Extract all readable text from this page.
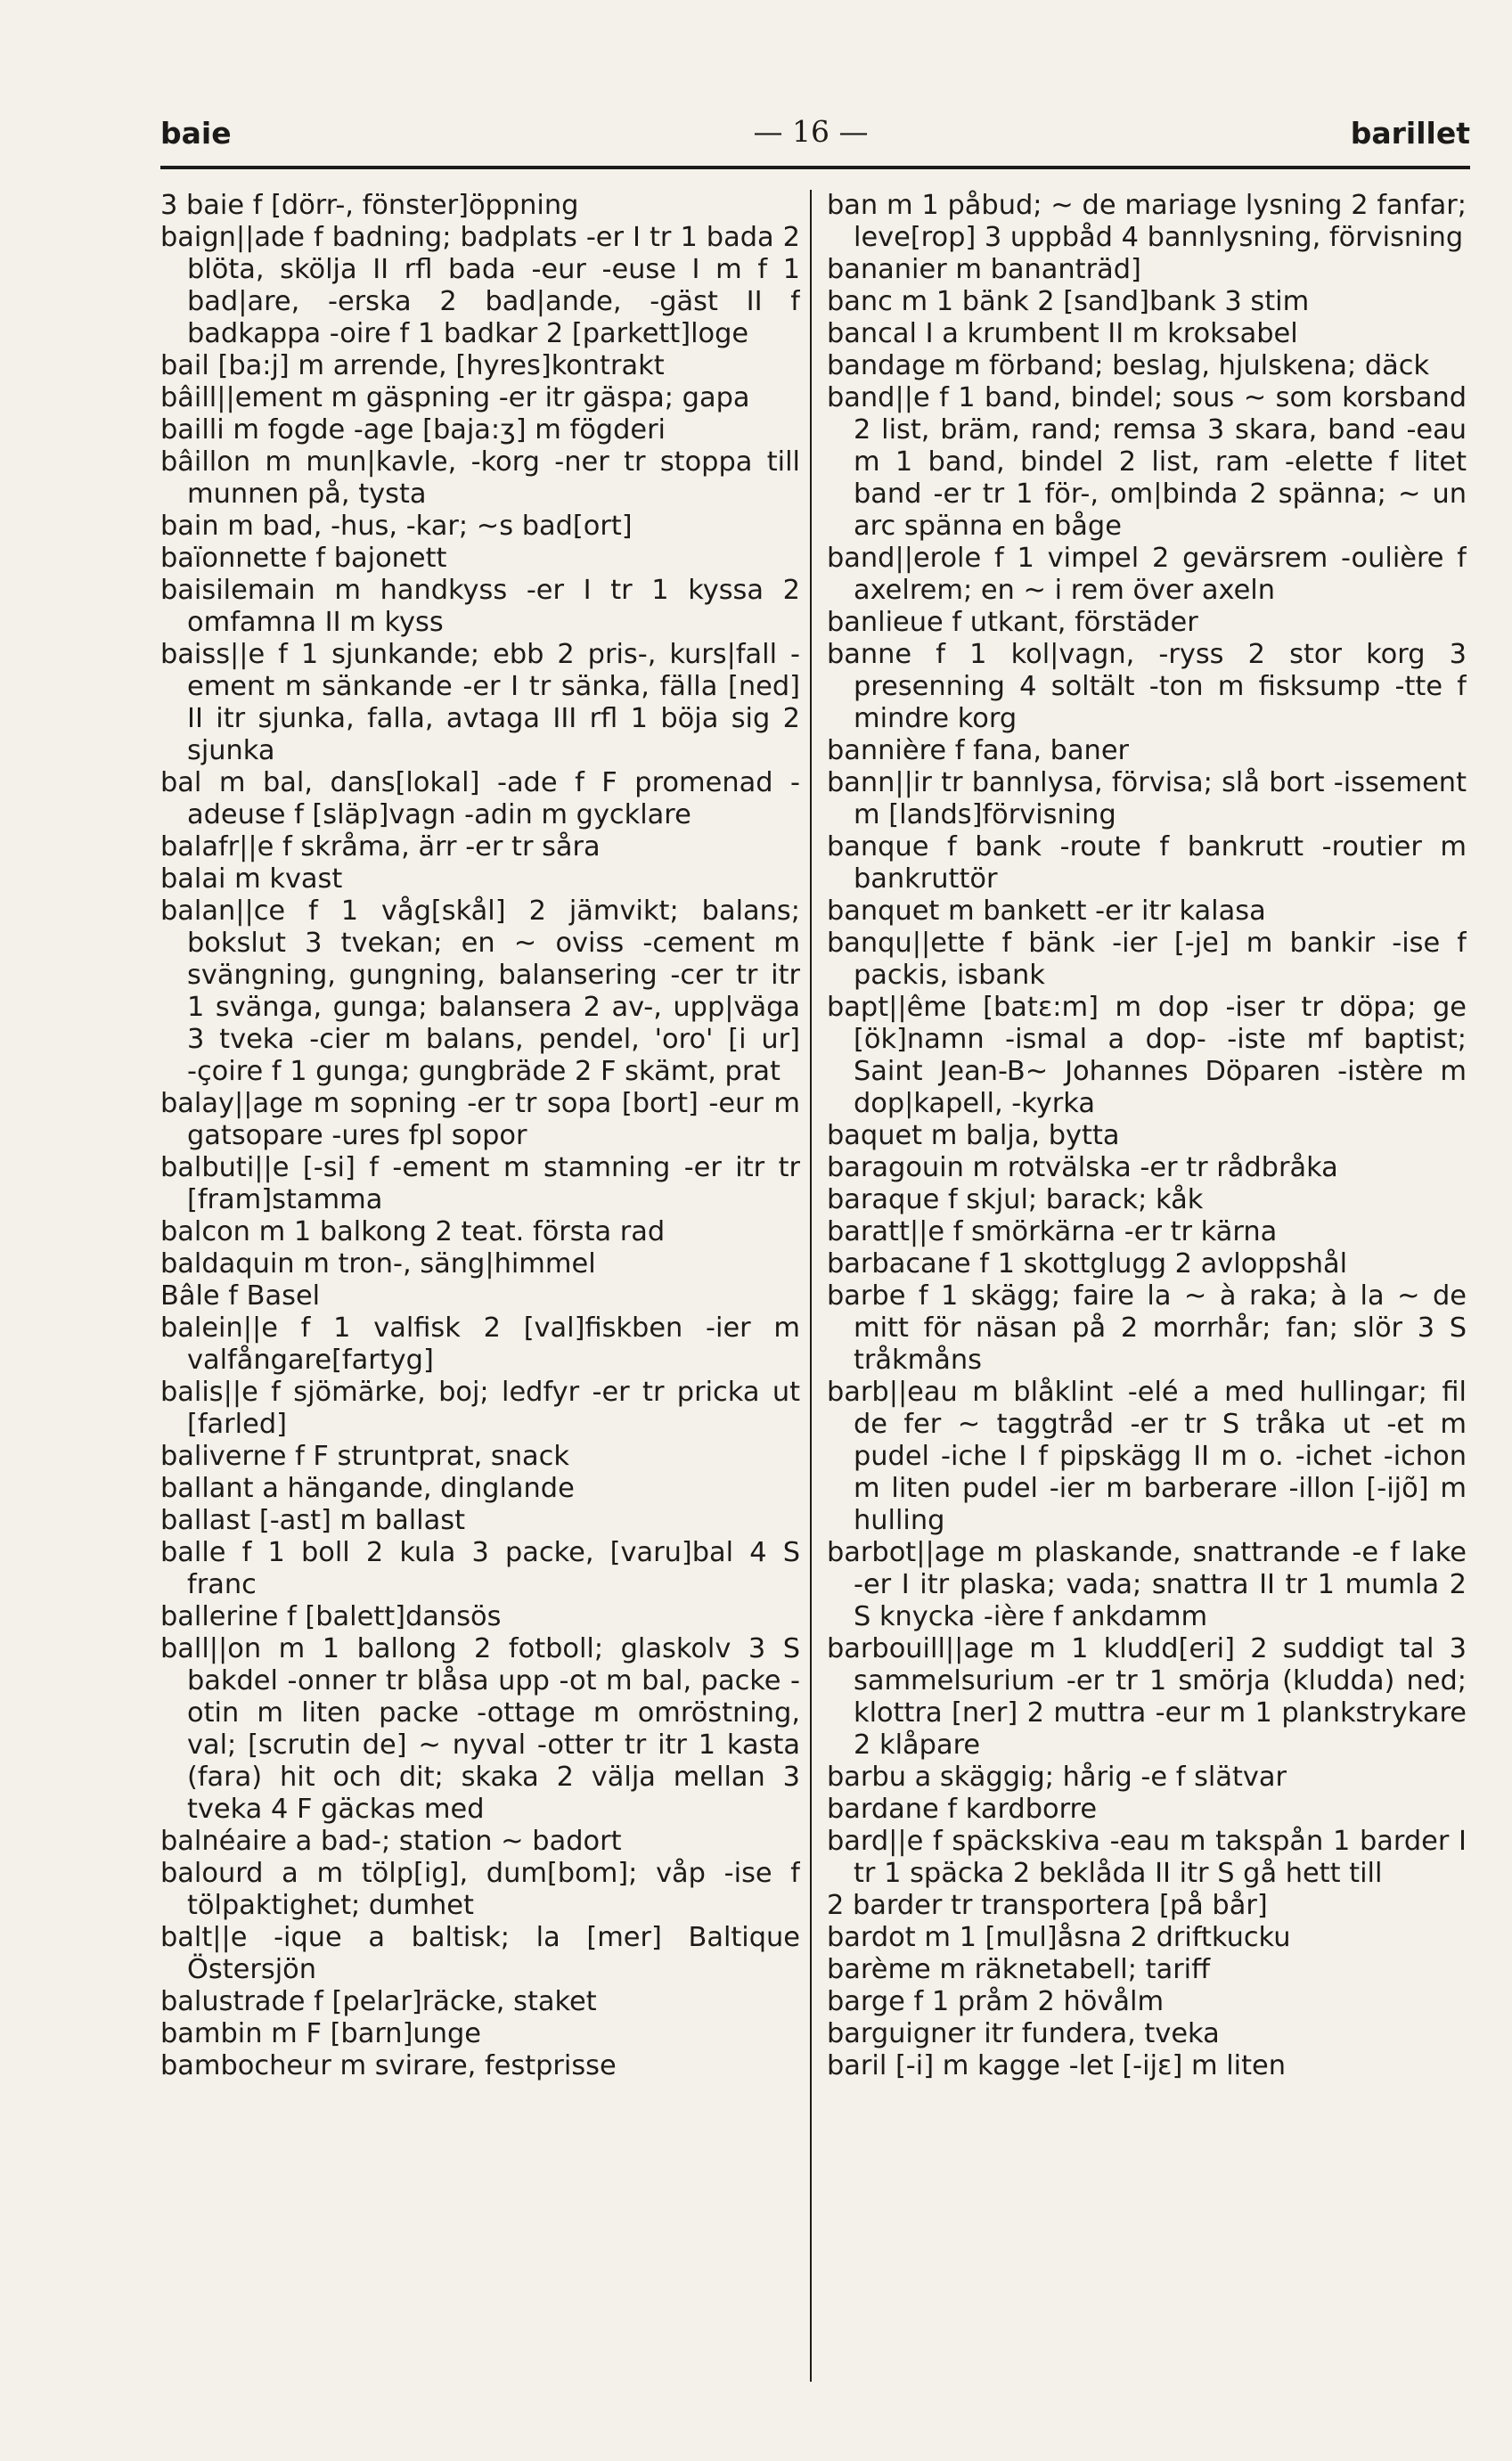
baie	— 16 —	barillet

3 baie f [dörr-, fönster]öppning

baign||ade f badning; badplats -er I tr 1 bada 2 blöta, skölja II rfl bada -eur -euse I m f 1 bad|are, -erska 2 bad|ande, -gäst II f badkappa -oire f 1 badkar 2 [parkett]loge

bail [ba:j] m arrende, [hyres]kontrakt

bâill||ement m gäspning -er itr gäspa; gapa

bailli m fogde -age [baja:ʒ] m fögderi

bâillon m mun|kavle, -korg -ner tr stoppa till munnen på, tysta

bain m bad, -hus, -kar; ~s bad[ort]

baïonnette f bajonett

baisilemain m handkyss -er I tr 1 kyssa 2 omfamna II m kyss

baiss||e f 1 sjunkande; ebb 2 pris-, kurs|fall -ement m sänkande -er I tr sänka, fälla [ned] II itr sjunka, falla, avtaga III rfl 1 böja sig 2 sjunka

bal m bal, dans[lokal] -ade f F promenad -adeuse f [släp]vagn -adin m gycklare

balafr||e f skråma, ärr -er tr såra

balai m kvast

balan||ce f 1 våg[skål] 2 jämvikt; balans; bokslut 3 tvekan; en ~ oviss -cement m svängning, gungning, balansering -cer tr itr 1 svänga, gunga; balansera 2 av-, upp|väga 3 tveka -cier m balans, pendel, 'oro' [i ur] -çoire f 1 gunga; gungbräde 2 F skämt, prat

balay||age m sopning -er tr sopa [bort] -eur m gatsopare -ures fpl sopor

balbuti||e [-si] f -ement m stamning -er itr tr [fram]stamma

balcon m 1 balkong 2 teat. första rad

baldaquin m tron-, säng|himmel

Bâle f Basel

balein||e f 1 valfisk 2 [val]fiskben -ier m valfångare[fartyg]

balis||e f sjömärke, boj; ledfyr -er tr pricka ut [farled]

baliverne f F struntprat, snack

ballant a hängande, dinglande

ballast [-ast] m ballast

balle f 1 boll 2 kula 3 packe, [varu]bal 4 S franc

ballerine f [balett]dansös

ball||on m 1 ballong 2 fotboll; glaskolv 3 S bakdel -onner tr blåsa upp -ot m bal, packe -otin m liten packe -ottage m omröstning, val; [scrutin de] ~ nyval -otter tr itr 1 kasta (fara) hit och dit; skaka 2 välja mellan 3 tveka 4 F gäckas med

balnéaire a bad-; station ~ badort

balourd a m tölp[ig], dum[bom]; våp -ise f tölpaktighet; dumhet

balt||e -ique a baltisk; la [mer] Baltique Östersjön

balustrade f [pelar]räcke, staket

bambin m F [barn]unge

bambocheur m svirare, festprisse

ban m 1 påbud; ~ de mariage lysning 2 fanfar; leve[rop] 3 uppbåd 4 bannlysning, förvisning

bananier m bananträd]

banc m 1 bänk 2 [sand]bank 3 stim

bancal I a krumbent II m kroksabel

bandage m förband; beslag, hjulskena; däck

band||e f 1 band, bindel; sous ~ som korsband 2 list, bräm, rand; remsa 3 skara, band -eau m 1 band, bindel 2 list, ram -elette f litet band -er tr 1 för-, om|binda 2 spänna; ~ un arc spänna en båge

band||erole f 1 vimpel 2 gevärsrem -oulière f axelrem; en ~ i rem över axeln

banlieue f utkant, förstäder

banne f 1 kol|vagn, -ryss 2 stor korg 3 presenning 4 soltält -ton m fisksump -tte f mindre korg

bannière f fana, baner

bann||ir tr bannlysa, förvisa; slå bort -issement m [lands]förvisning

banque f bank -route f bankrutt -routier m bankruttör

banquet m bankett -er itr kalasa

banqu||ette f bänk -ier [-je] m bankir -ise f packis, isbank

bapt||ême [batɛ:m] m dop -iser tr döpa; ge [ök]namn -ismal a dop- -iste mf baptist; Saint Jean-B~ Johannes Döparen -istère m dop|kapell, -kyrka

baquet m balja, bytta

baragouin m rotvälska -er tr rådbråka

baraque f skjul; barack; kåk

baratt||e f smörkärna -er tr kärna

barbacane f 1 skottglugg 2 avloppshål

barbe f 1 skägg; faire la ~ à raka; à la ~ de mitt för näsan på 2 morrhår; fan; slör 3 S tråkmåns

barb||eau m blåklint -elé a med hullingar; fil de fer ~ taggtråd -er tr S tråka ut -et m pudel -iche I f pipskägg II m o. -ichet -ichon m liten pudel -ier m barberare -illon [-ijõ] m hulling

barbot||age m plaskande, snattrande -e f lake -er I itr plaska; vada; snattra II tr 1 mumla 2 S knycka -ière f ankdamm

barbouill||age m 1 kludd[eri] 2 suddigt tal 3 sammelsurium -er tr 1 smörja (kludda) ned; klottra [ner] 2 muttra -eur m 1 plankstrykare 2 klåpare

barbu a skäggig; hårig -e f slätvar

bardane f kardborre

bard||e f späckskiva -eau m takspån 1 barder I tr 1 späcka 2 beklåda II itr S gå hett till

2 barder tr transportera [på bår]

bardot m 1 [mul]åsna 2 driftkucku

barème m räknetabell; tariff

barge f 1 pråm 2 hövålm

barguigner itr fundera, tveka

baril [-i] m kagge -let [-ijɛ] m liten
